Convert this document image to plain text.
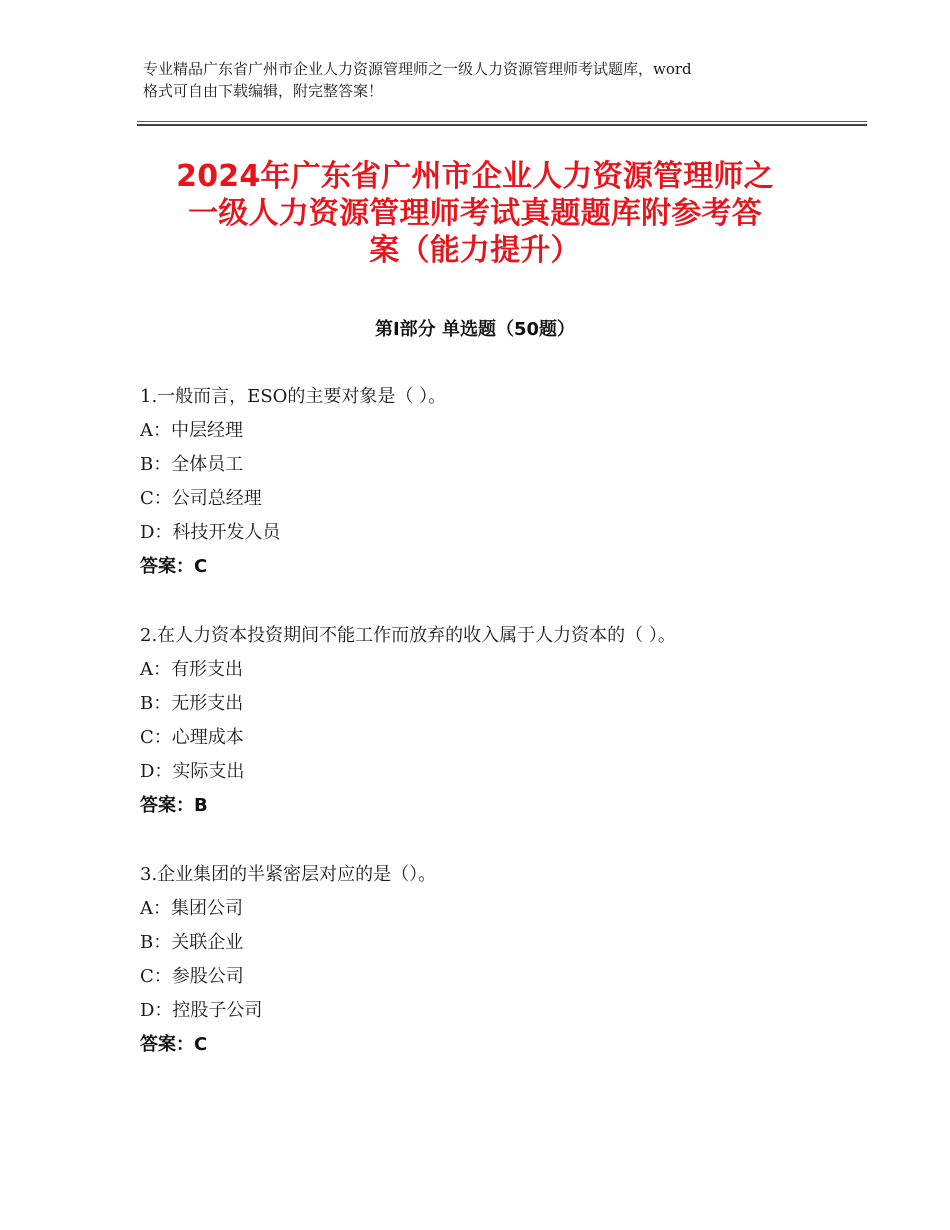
专业精品广东省广州市企业人力资源管理师之一级人力资源管理师考试题库，word
格式可自由下载编辑，附完整答案！
2024年广东省广州市企业人力资源管理师之
一级人力资源管理师考试真题题库附参考答
案（能力提升）
第Ⅰ部分 单选题（50题）
1.一般而言，ESO的主要对象是（ ）。
A：中层经理
B：全体员工
C：公司总经理
D：科技开发人员
答案：C
2.在人力资本投资期间不能工作而放弃的收入属于人力资本的（ ）。
A：有形支出
B：无形支出
C：心理成本
D：实际支出
答案：B
3.企业集团的半紧密层对应的是（）。
A：集团公司
B：关联企业
C：参股公司
D：控股子公司
答案：C
